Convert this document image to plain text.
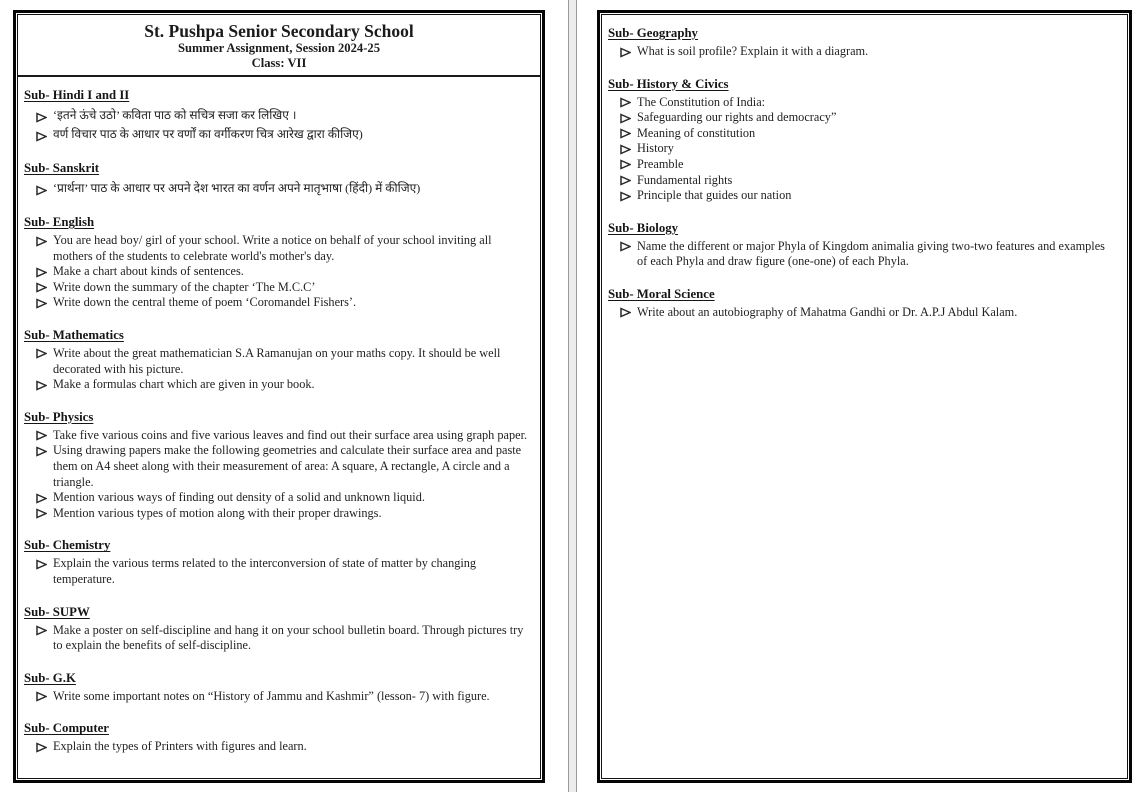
St. Pushpa Senior Secondary School
Summer Assignment, Session 2024-25
Class: VII
Sub- Hindi I and II
‘इतने ऊंचे उठो’ कविता पाठ को सचित्र सजा कर लिखिए ।
वर्ण विचार पाठ के आधार पर वर्णों का वर्गीकरण चित्र आरेख द्वारा कीजिए)
Sub- Sanskrit
‘प्रार्थना’ पाठ के आधार पर अपने देश भारत का वर्णन अपने मातृभाषा (हिंदी) में कीजिए)
Sub- English
You are head boy/ girl of your school. Write a notice on behalf of your school inviting all mothers of the students to celebrate world's mother's day.
Make a chart about kinds of sentences.
Write down the summary of the chapter ‘The M.C.C’
Write down the central theme of poem ‘Coromandel Fishers’.
Sub- Mathematics
Write about the great mathematician S.A Ramanujan on your maths copy. It should be well decorated with his picture.
Make a formulas chart which are given in your book.
Sub- Physics
Take five various coins and five various leaves and find out their surface area using graph paper.
Using drawing papers make the following geometries and calculate their surface area and paste them on A4 sheet along with their measurement of area: A square, A rectangle, A circle and a triangle.
Mention various ways of finding out density of a solid and unknown liquid.
Mention various types of motion along with their proper drawings.
Sub- Chemistry
Explain the various terms related to the interconversion of state of matter by changing temperature.
Sub- SUPW
Make a poster on self-discipline and hang it on your school bulletin board. Through pictures try to explain the benefits of self-discipline.
Sub- G.K
Write some important notes on “History of Jammu and Kashmir” (lesson- 7) with figure.
Sub- Computer
Explain the types of Printers with figures and learn.
Sub- Geography
What is soil profile? Explain it with a diagram.
Sub- History & Civics
The Constitution of India:
Safeguarding our rights and democracy”
Meaning of constitution
History
Preamble
Fundamental rights
Principle that guides our nation
Sub- Biology
Name the different or major Phyla of Kingdom animalia giving two-two features and examples of each Phyla and draw figure (one-one) of each Phyla.
Sub- Moral Science
Write about an autobiography of Mahatma Gandhi or Dr. A.P.J Abdul Kalam.
